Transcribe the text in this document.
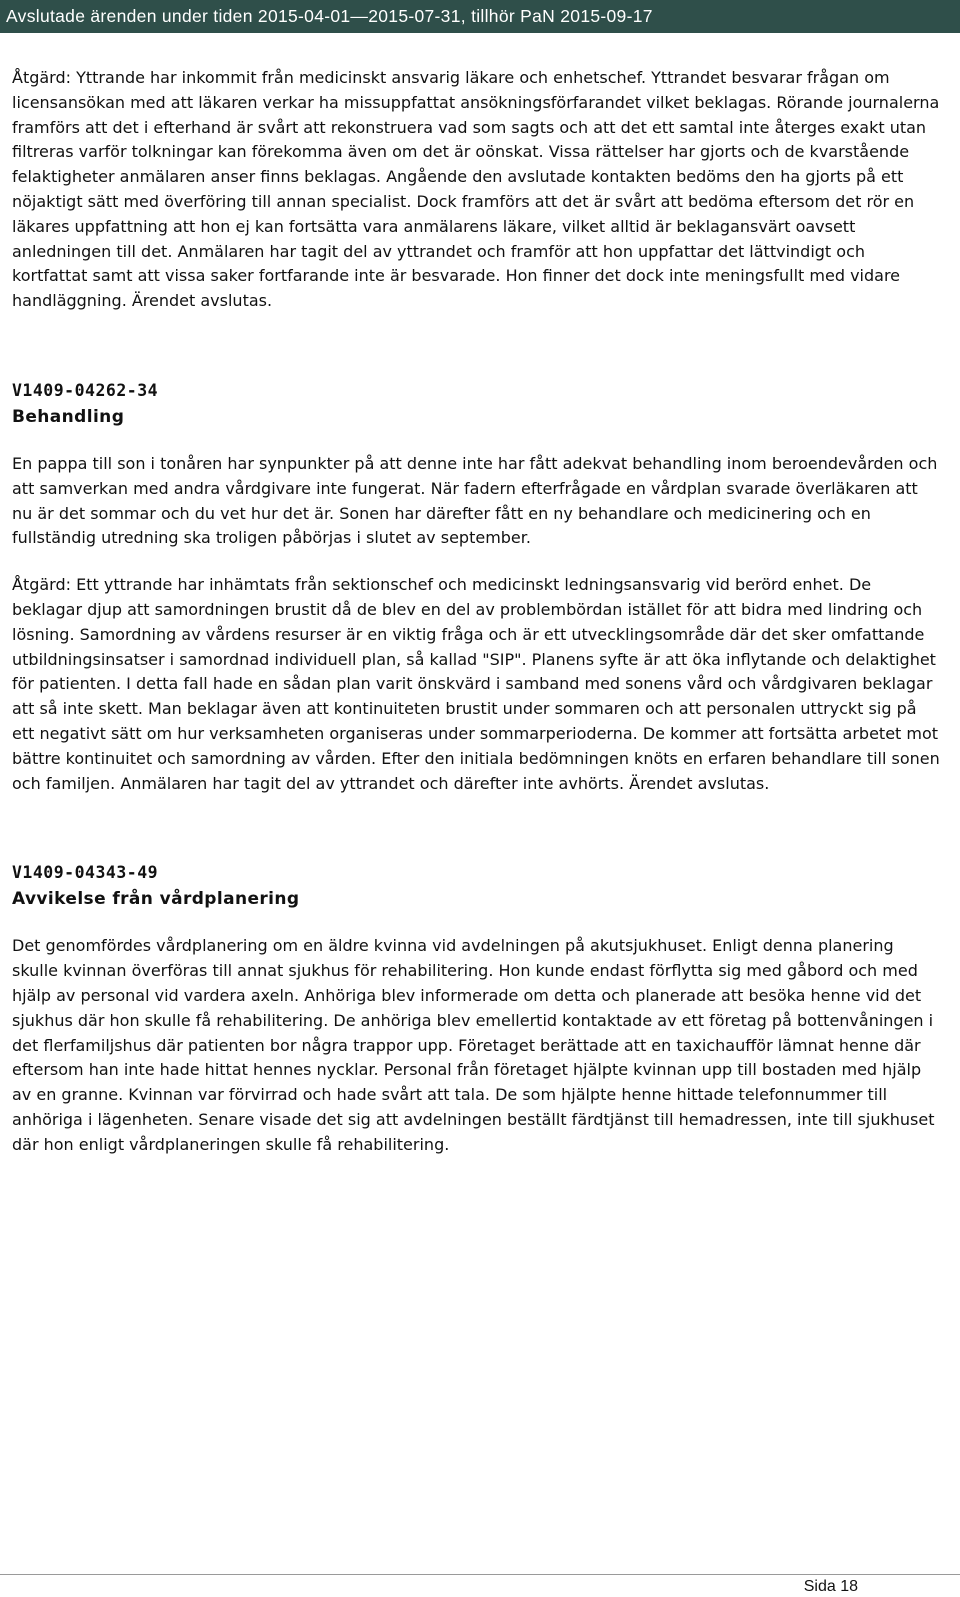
Avslutade ärenden under tiden 2015-04-01—2015-07-31, tillhör PaN 2015-09-17

Åtgärd: Yttrande har inkommit från medicinskt ansvarig läkare och enhetschef. Yttrandet besvarar frågan om licensansökan med att läkaren verkar ha missuppfattat ansökningsförfarandet vilket beklagas. Rörande journalerna framförs att det i efterhand är svårt att rekonstruera vad som sagts och att det ett samtal inte återges exakt utan filtreras varför tolkningar kan förekomma även om det är oönskat. Vissa rättelser har gjorts och de kvarstående felaktigheter anmälaren anser finns beklagas. Angående den avslutade kontakten bedöms den ha gjorts på ett nöjaktigt sätt med överföring till annan specialist. Dock framförs att det är svårt att bedöma eftersom det rör en läkares uppfattning att hon ej kan fortsätta vara anmälarens läkare, vilket alltid är beklagansvärt oavsett anledningen till det. Anmälaren har tagit del av yttrandet och framför att hon uppfattar det lättvindigt och kortfattat samt att vissa saker fortfarande inte är besvarade. Hon finner det dock inte meningsfullt med vidare handläggning. Ärendet avslutas.

V1409-04262-34

Behandling

En pappa till son i tonåren har synpunkter på att denne inte har fått adekvat behandling inom beroendevården och att samverkan med andra vårdgivare inte fungerat. När fadern efterfrågade en vårdplan svarade överläkaren att nu är det sommar och du vet hur det är. Sonen har därefter fått en ny behandlare och medicinering och en fullständig utredning ska troligen påbörjas i slutet av september.

Åtgärd: Ett yttrande har inhämtats från sektionschef och medicinskt ledningsansvarig vid berörd enhet. De beklagar djup att samordningen brustit då de blev en del av problembördan istället för att bidra med lindring och lösning. Samordning av vårdens resurser är en viktig fråga och är ett utvecklingsområde där det sker omfattande utbildningsinsatser i samordnad individuell plan, så kallad "SIP". Planens syfte är att öka inflytande och delaktighet för patienten. I detta fall hade en sådan plan varit önskvärd i samband med sonens vård och vårdgivaren beklagar att så inte skett. Man beklagar även att kontinuiteten brustit under sommaren och att personalen uttryckt sig på ett negativt sätt om hur verksamheten organiseras under sommarperioderna. De kommer att fortsätta arbetet mot bättre kontinuitet och samordning av vården. Efter den initiala bedömningen knöts en erfaren behandlare till sonen och familjen. Anmälaren har tagit del av yttrandet och därefter inte avhörts. Ärendet avslutas.

V1409-04343-49

Avvikelse från vårdplanering

Det genomfördes vårdplanering om en äldre kvinna vid avdelningen på akutsjukhuset. Enligt denna planering skulle kvinnan överföras till annat sjukhus för rehabilitering. Hon kunde endast förflytta sig med gåbord och med hjälp av personal vid vardera axeln. Anhöriga blev informerade om detta och planerade att besöka henne vid det sjukhus där hon skulle få rehabilitering. De anhöriga blev emellertid kontaktade av ett företag på bottenvåningen i det flerfamiljshus där patienten bor några trappor upp. Företaget berättade att en taxichaufför lämnat henne där eftersom han inte hade hittat hennes nycklar. Personal från företaget hjälpte kvinnan upp till bostaden med hjälp av en granne. Kvinnan var förvirrad och hade svårt att tala. De som hjälpte henne hittade telefonnummer till anhöriga i lägenheten. Senare visade det sig att avdelningen beställt färdtjänst till hemadressen, inte till sjukhuset där hon enligt vårdplaneringen skulle få rehabilitering.

Sida 18
